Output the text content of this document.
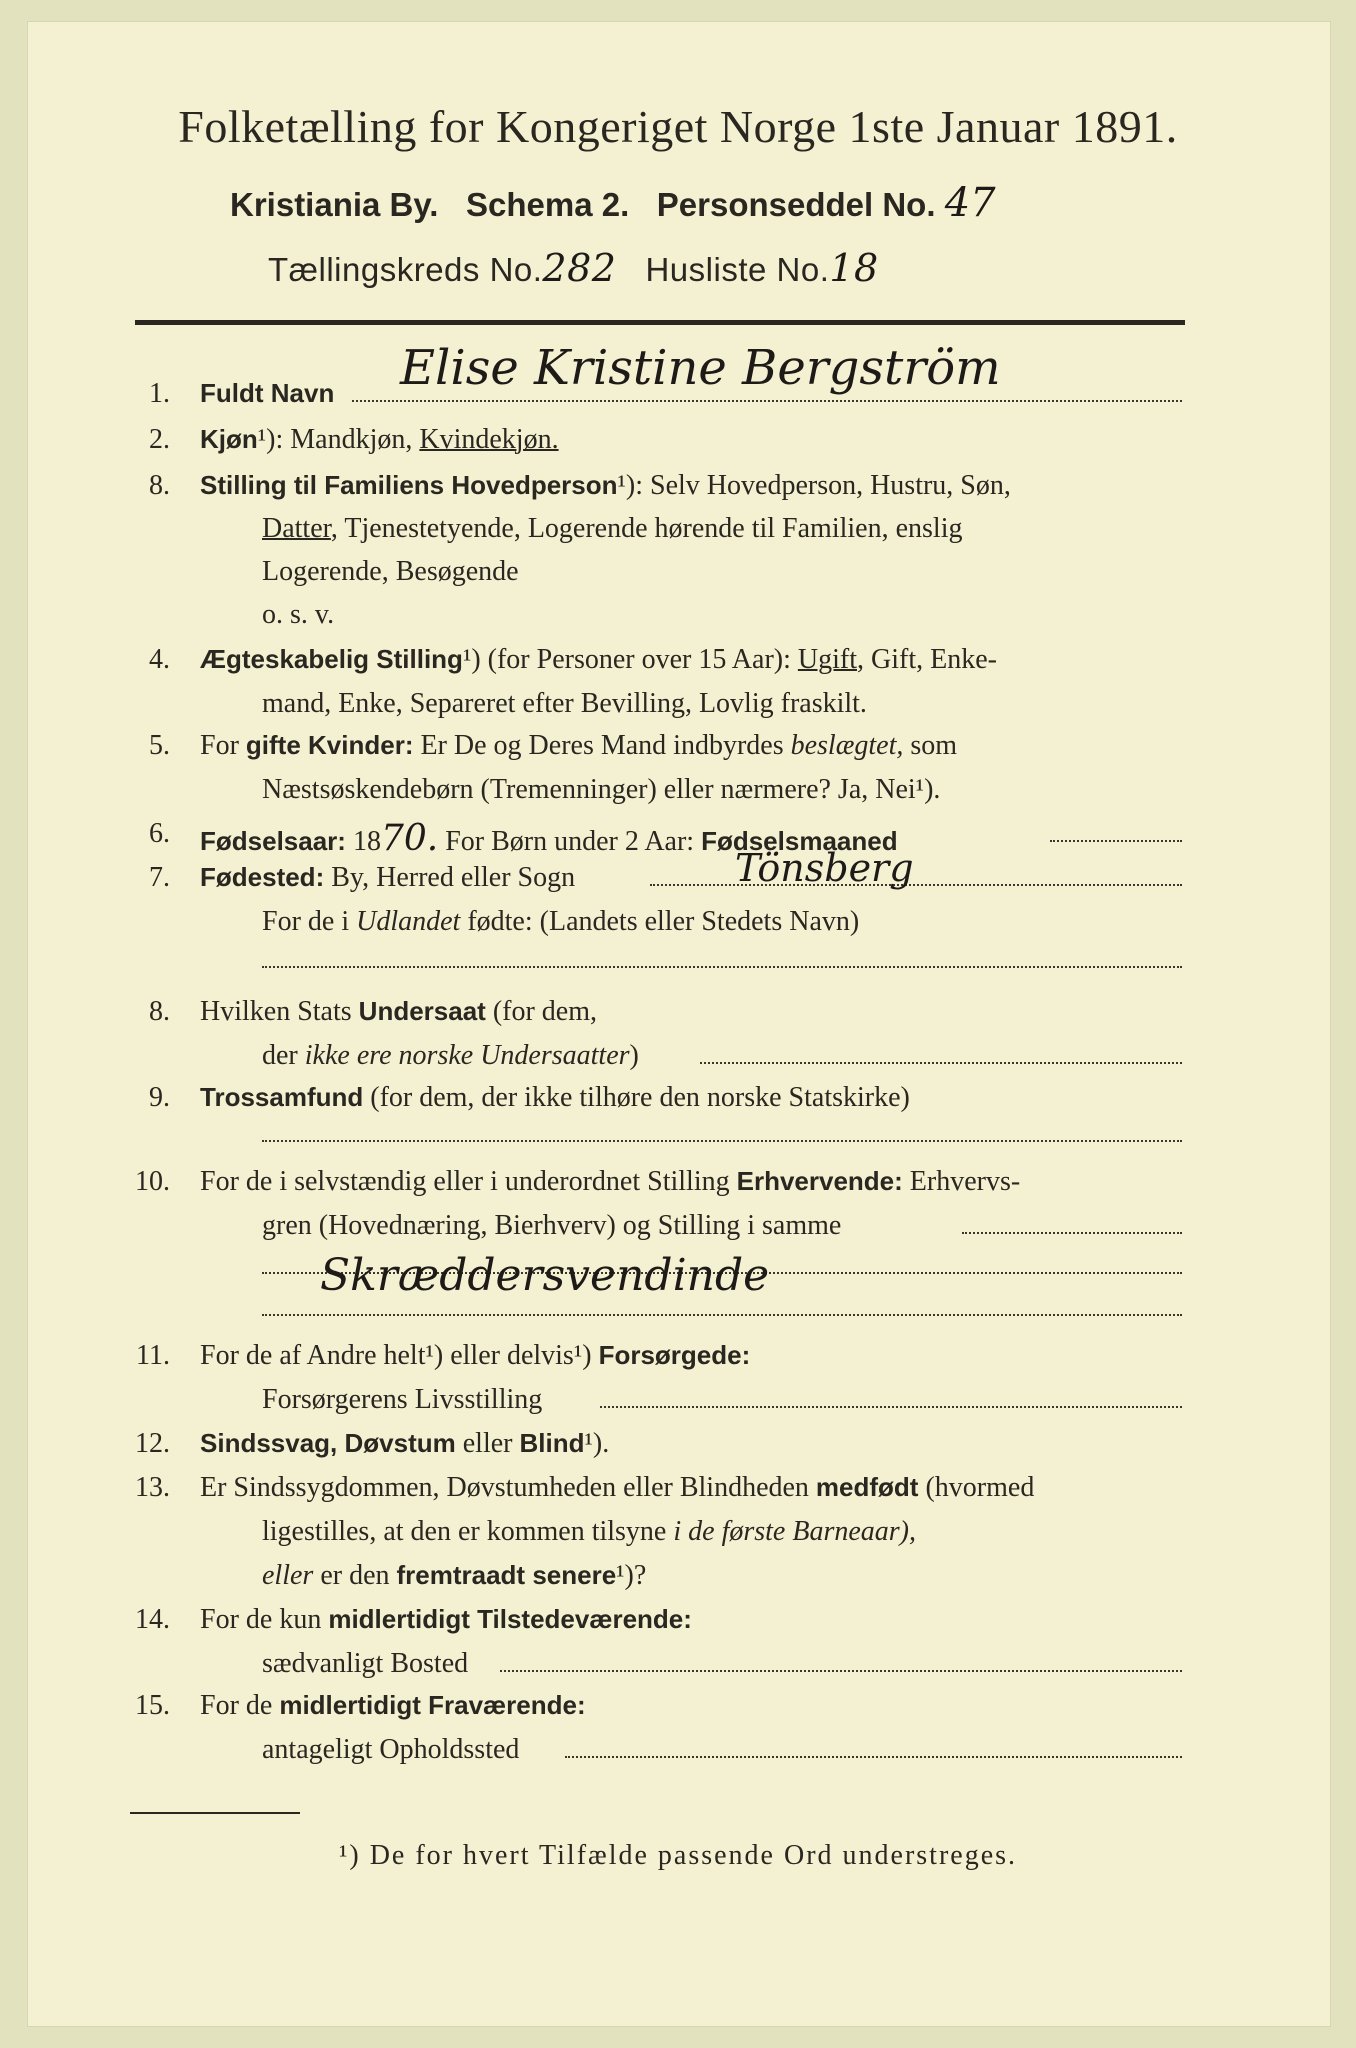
Folketælling for Kongeriget Norge 1ste Januar 1891.
Kristiania By. Schema 2. Personseddel No. 47
Tællingskreds No.282 Husliste No.18
1. Fuldt Navn Elise Kristine Bergström
2. Kjøn¹): Mandkjøn, Kvindekjøn.
8. Stilling til Familiens Hovedperson¹): Selv Hovedperson, Hustru, Søn,
Datter, Tjenestetyende, Logerende hørende til Familien, enslig
Logerende, Besøgende
o. s. v.
4. Ægteskabelig Stilling¹) (for Personer over 15 Aar): Ugift, Gift, Enke-
mand, Enke, Separeret efter Bevilling, Lovlig fraskilt.
5. For gifte Kvinder: Er De og Deres Mand indbyrdes beslægtet, som
Næstsøskendebørn (Tremenninger) eller nærmere? Ja, Nei¹).
6. Fødselsaar: 1870. For Børn under 2 Aar: Fødselsmaaned
7. Fødested: By, Herred eller Sogn	Tönsberg
For de i Udlandet fødte: (Landets eller Stedets Navn)
8. Hvilken Stats Undersaat (for dem,
der ikke ere norske Undersaatter)
9. Trossamfund (for dem, der ikke tilhøre den norske Statskirke)
10. For de i selvstændig eller i underordnet Stilling Erhvervende: Erhvervs-
gren (Hovednæring, Bierhverv) og Stilling i samme
Skræddersvendinde
11. For de af Andre helt¹) eller delvis¹) Forsørgede:
Forsørgerens Livsstilling
12. Sindssvag, Døvstum eller Blind¹).
13. Er Sindssygdommen, Døvstumheden eller Blindheden medfødt (hvormed
ligestilles, at den er kommen tilsyne i de første Barneaar),
eller er den fremtraadt senere¹)?
14. For de kun midlertidigt Tilstedeværende:
sædvanligt Bosted
15. For de midlertidigt Fraværende:
antageligt Opholdssted
¹) De for hvert Tilfælde passende Ord understreges.
